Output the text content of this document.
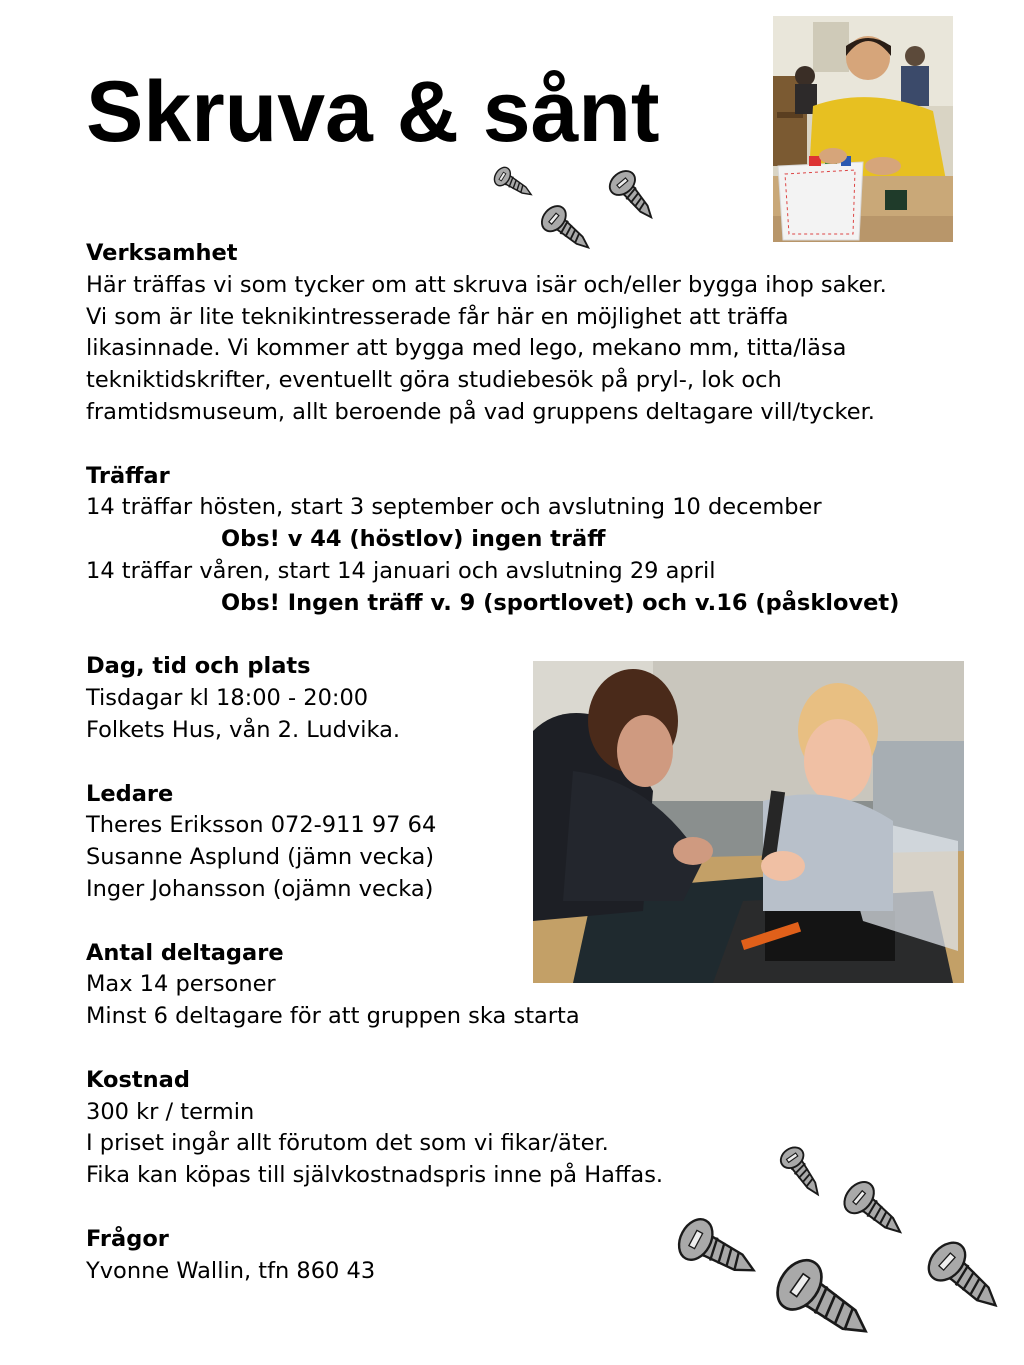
Skruva & sånt
Verksamhet
Här träffas vi som tycker om att skruva isär och/eller bygga ihop saker.
Vi som är lite teknikintresserade får här en möjlighet att träffa
likasinnade. Vi kommer att bygga med lego, mekano mm, titta/läsa
tekniktidskrifter, eventuellt göra studiebesök på pryl-, lok och
framtidsmuseum, allt beroende på vad gruppens deltagare vill/tycker.
Träffar
14 träffar hösten, start 3 september och avslutning 10 december
Obs! v 44 (höstlov) ingen träff
14 träffar våren, start 14 januari och avslutning 29 april
Obs! Ingen träff v. 9 (sportlovet) och v.16 (påsklovet)
Dag, tid och plats
Tisdagar kl 18:00 - 20:00
Folkets Hus, vån 2. Ludvika.
Ledare
Theres Eriksson 072-911 97 64
Susanne Asplund (jämn vecka)
Inger Johansson (ojämn vecka)
Antal deltagare
Max 14 personer
Minst 6 deltagare för att gruppen ska starta
Kostnad
300 kr / termin
I priset ingår allt förutom det som vi fikar/äter.
Fika kan köpas till självkostnadspris inne på Haffas.
Frågor
Yvonne Wallin, tfn 860 43
